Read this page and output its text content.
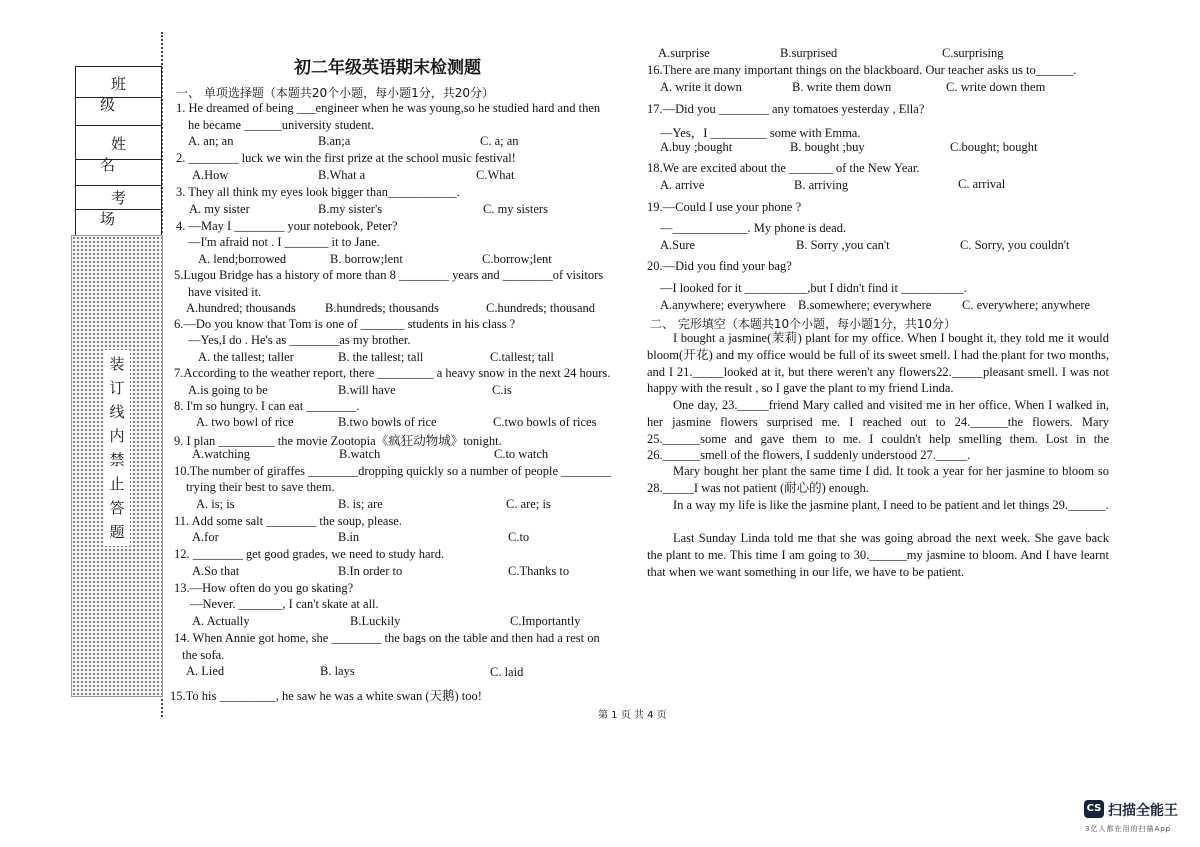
班级
姓名
考场
装订线内禁止答题
初二年级英语期末检测题
一、 单项选择题（本题共20个小题，每小题1分，共20分）
1. He dreamed of being ___engineer when he was young,so he studied hard and then
he became ______university student.
A. an; an	B.an;a	C. a; an
2. ________ luck we win the first prize at the school music festival!
A.How	B.What a	C.What
3. They all think my eyes look bigger than___________.
A. my sister	B.my sister's	C. my sisters
4. —May I ________ your notebook, Peter?
—I'm afraid not . I _______ it to Jane.
A. lend;borrowed	B. borrow;lent	C.borrow;lent
5.Lugou Bridge has a history of more than 8 ________ years and ________of visitors
have visited it.
A.hundred; thousands B.hundreds; thousands	C.hundreds; thousand
6.—Do you know that Tom is one of _______ students in his class ?
—Yes,I do . He's as ________as my brother.
A. the tallest; taller	B. the tallest; tall	C.tallest; tall
7.According to the weather report, there _________ a heavy snow in the next 24 hours.
A.is going to be	B.will have	C.is
8. I'm so hungry. I can eat ________.
A. two bowl of rice	B.two bowls of rice	C.two bowls of rices
9. I plan _________ the movie Zootopia《疯狂动物城》tonight.
A.watching	B.watch	C.to watch
10.The number of giraffes ________dropping quickly so a number of people ________
trying their best to save them.
A. is; is	B. is; are	C. are; is
11. Add some salt ________ the soup, please.
A.for	B.in	C.to
12. ________ get good grades, we need to study hard.
A.So that	B.In order to	C.Thanks to
13.—How often do you go skating?
—Never. _______, I can't skate at all.
A. Actually	B.Luckily	C.Importantly
14. When Annie got home, she ________ the bags on the table and then had a rest on
the sofa.
A. Lied	B. lays	C. laid
15.To his _________, he saw he was a white swan (天鹅) too!
A.surprise	B.surprised	C.surprising
16.There are many important things on the blackboard. Our teacher asks us to______.
A. write it down	B. write them down	C. write down them
17.—Did you ________ any tomatoes yesterday , Ella?
—Yes，I _________ some with Emma.
A.buy ;bought	B. bought ;buy	C.bought; bought
18.We are excited about the _______ of the New Year.
A. arrive	B. arriving	C. arrival
19.—Could I use your phone ?
—____________. My phone is dead.
A.Sure	B. Sorry ,you can't	C. Sorry, you couldn't
20.—Did you find your bag?
—I looked for it __________,but I didn't find it __________.
A.anywhere; everywhere B.somewhere; everywhere C. everywhere; anywhere
二、 完形填空（本题共10个小题，每小题1分，共10分）
I bought a jasmine(茉莉) plant for my office. When I bought it, they told me it would bloom(开花) and my office would be full of its sweet smell. I had the plant for two months, and I 21._____looked at it, but there weren't any flowers22._____pleasant smell. I was not happy with the result , so I gave the plant to my friend Linda.
One day, 23._____friend Mary called and visited me in her office. When I walked in, her jasmine flowers surprised me. I reached out to 24.______the flowers. Mary 25.______some and gave them to me. I couldn't help smelling them. Lost in the 26.______smell of the flowers, I suddenly understood 27._____.
Mary bought her plant the same time I did. It took a year for her jasmine to bloom so 28._____I was not patient (耐心的) enough.
In a way my life is like the jasmine plant, I need to be patient and let things 29.______.
Last Sunday Linda told me that she was going abroad the next week. She gave back the plant to me. This time I am going to 30.______my jasmine to bloom. And I have learnt that when we want something in our life, we have to be patient.
第 1 页 共 4 页
CS 扫描全能王
3亿人都在用的扫描App
